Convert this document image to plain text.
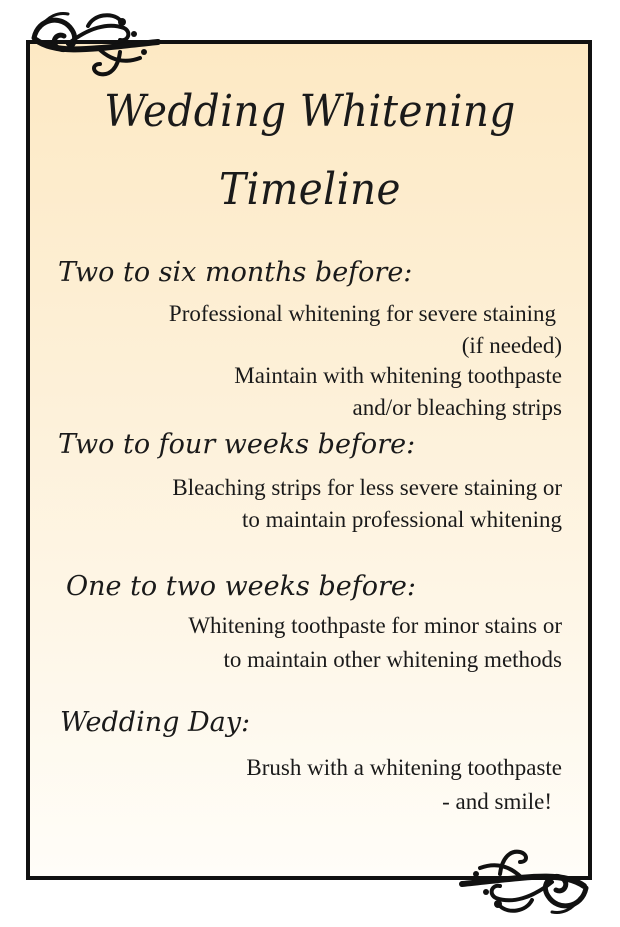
Wedding Whitening
Timeline
Two to six months before:
Professional whitening for severe staining
(if needed)
Maintain with whitening toothpaste
and/or bleaching strips
Two to four weeks before:
Bleaching strips for less severe staining or
to maintain professional whitening
One to two weeks before:
Whitening toothpaste for minor stains or
to maintain other whitening methods
Wedding Day:
Brush with a whitening toothpaste
- and smile!
